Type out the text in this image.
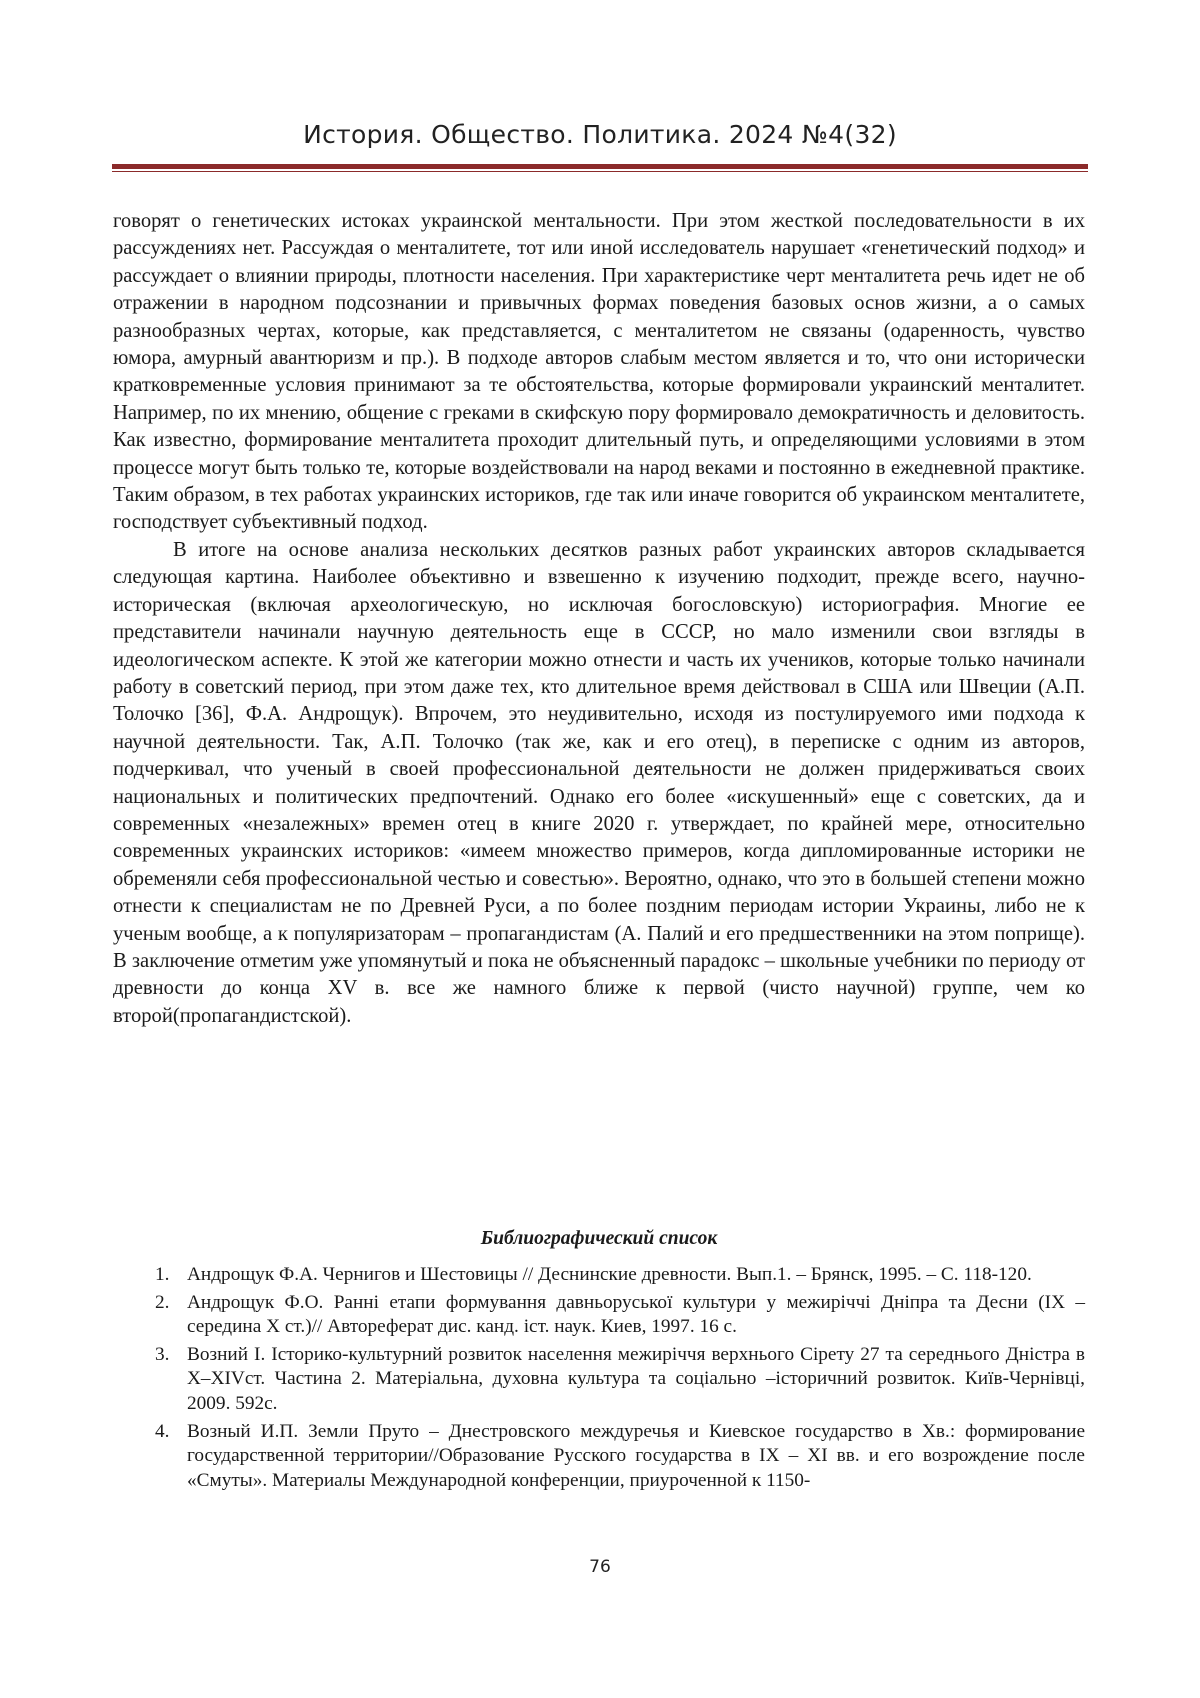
История. Общество. Политика. 2024 №4(32)

говорят о генетических истоках украинской ментальности. При этом жесткой последовательности в их рассуждениях нет. Рассуждая о менталитете, тот или иной исследователь нарушает «генетический подход» и рассуждает о влиянии природы, плотности населения. При характеристике черт менталитета речь идет не об отражении в народном подсознании и привычных формах поведения базовых основ жизни, а о самых разнообразных чертах, которые, как представляется, с менталитетом не связаны (одаренность, чувство юмора, амурный авантюризм и пр.). В подходе авторов слабым местом является и то, что они исторически кратковременные условия принимают за те обстоятельства, которые формировали украинский менталитет. Например, по их мнению, общение с греками в скифскую пору формировало демократичность и деловитость. Как известно, формирование менталитета проходит длительный путь, и определяющими условиями в этом процессе могут быть только те, которые воздействовали на народ веками и постоянно в ежедневной практике. Таким образом, в тех работах украинских историков, где так или иначе говорится об украинском менталитете, господствует субъективный подход.

В итоге на основе анализа нескольких десятков разных работ украинских авторов складывается следующая картина. Наиболее объективно и взвешенно к изучению подходит, прежде всего, научно-историческая (включая археологическую, но исключая богословскую) историография. Многие ее представители начинали научную деятельность еще в СССР, но мало изменили свои взгляды в идеологическом аспекте. К этой же категории можно отнести и часть их учеников, которые только начинали работу в советский период, при этом даже тех, кто длительное время действовал в США или Швеции (А.П. Толочко [36], Ф.А. Андрощук). Впрочем, это неудивительно, исходя из постулируемого ими подхода к научной деятельности. Так, А.П. Толочко (так же, как и его отец), в переписке с одним из авторов, подчеркивал, что ученый в своей профессиональной деятельности не должен придерживаться своих национальных и политических предпочтений. Однако его более «искушенный» еще с советских, да и современных «незалежных» времен отец в книге 2020 г. утверждает, по крайней мере, относительно современных украинских историков: «имеем множество примеров, когда дипломированные историки не обременяли себя профессиональной честью и совестью». Вероятно, однако, что это в большей степени можно отнести к специалистам не по Древней Руси, а по более поздним периодам истории Украины, либо не к ученым вообще, а к популяризаторам – пропагандистам (А. Палий и его предшественники на этом поприще). В заключение отметим уже упомянутый и пока не объясненный парадокс – школьные учебники по периоду от древности до конца XV в. все же намного ближе к первой (чисто научной) группе, чем ко второй(пропагандистской).

Библиографический список
1. Андрощук Ф.А. Чернигов и Шестовицы // Деснинские древности. Вып.1. – Брянск, 1995. – С. 118-120.
2. Андрощук Ф.О. Ранні етапи формування давньоруської культури у межиріччі Дніпра та Десни (IX – середина X ст.)// Автореферат дис. канд. іст. наук. Киев, 1997. 16 с.
3. Возний І. Історико-культурний розвиток населення межиріччя верхнього Сірету 27 та середнього Дністра в X–XIVст. Частина 2. Матеріальна, духовна культура та соціально –історичний розвиток. Київ-Чернівці, 2009. 592с.
4. Возный И.П. Земли Пруто – Днестровского междуречья и Киевское государство в Хв.: формирование государственной территории//Образование Русского государства в IX – XI вв. и его возрождение после «Смуты». Материалы Международной конференции, приуроченной к 1150-
76
